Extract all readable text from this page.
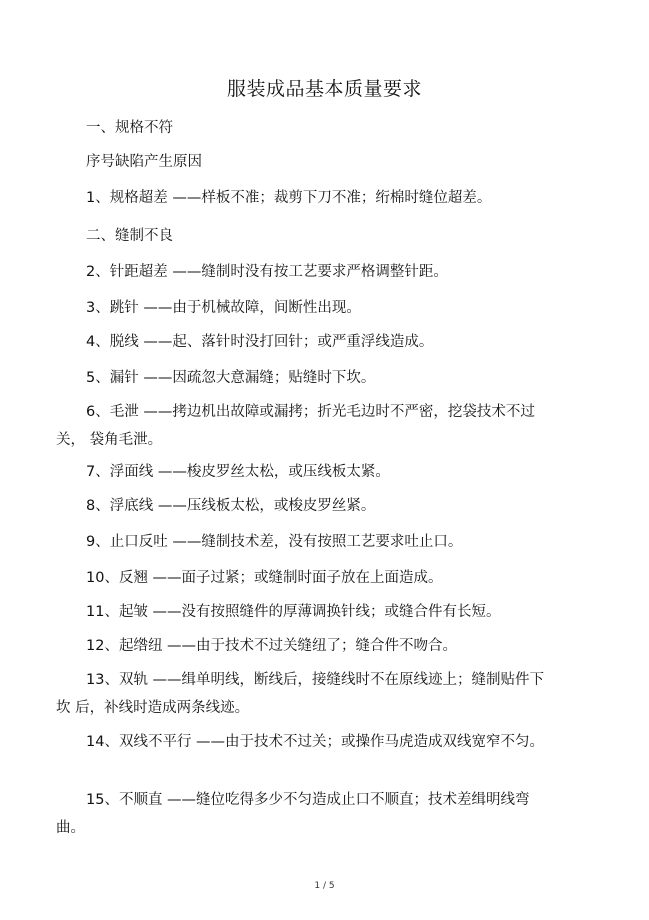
服装成品基本质量要求
一、规格不符
序号缺陷产生原因
1、规格超差 ——样板不准；裁剪下刀不准；绗棉时缝位超差。
二、缝制不良
2、针距超差 ——缝制时没有按工艺要求严格调整针距。
3、跳针 ——由于机械故障，间断性出现。
4、脱线 ——起、落针时没打回针；或严重浮线造成。
5、漏针 ——因疏忽大意漏缝；贴缝时下坎。
6、毛泄 ——拷边机出故障或漏拷；折光毛边时不严密，挖袋技术不过关， 袋角毛泄。
7、浮面线 ——梭皮罗丝太松，或压线板太紧。
8、浮底线 ——压线板太松，或梭皮罗丝紧。
9、止口反吐 ——缝制技术差，没有按照工艺要求吐止口。
10、反翘 ——面子过紧；或缝制时面子放在上面造成。
11、起皱 ——没有按照缝件的厚薄调换针线；或缝合件有长短。
12、起绺纽 ——由于技术不过关缝纽了；缝合件不吻合。
13、双轨 ——缉单明线，断线后，接缝线时不在原线迹上；缝制贴件下坎 后，补线时造成两条线迹。
14、双线不平行 ——由于技术不过关；或操作马虎造成双线宽窄不匀。
15、不顺直 ——缝位吃得多少不匀造成止口不顺直；技术差缉明线弯曲。
1 / 5
